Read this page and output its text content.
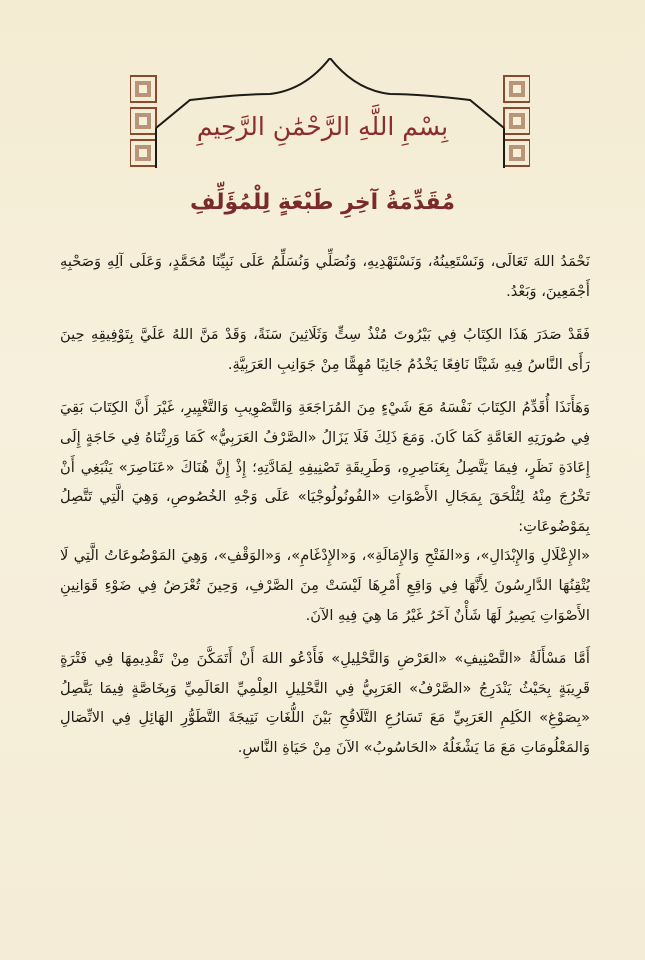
بِسْمِ اللَّهِ الرَّحْمَٰنِ الرَّحِيمِ
مُقَدِّمَةُ آخِرِ طَبْعَةٍ لِلْمُؤَلِّفِ

نَحْمَدُ اللهَ تَعَالَى، وَنَسْتَعِينُهُ، وَنَسْتَهْدِيهِ، وَنُصَلِّي وَنُسَلِّمُ عَلَى نَبِيِّنَا مُحَمَّدٍ، وَعَلَى آلِهِ وَصَحْبِهِ أَجْمَعِينَ، وَبَعْدُ.

فَقَدْ صَدَرَ هَذَا الكِتَابُ فِي بَيْرُوتَ مُنْذُ سِتٍّ وَثَلَاثِينَ سَنَةً، وَقَدْ مَنَّ اللهُ عَلَيَّ بِتَوْفِيقِهِ حِينَ رَأَى النَّاسُ فِيهِ شَيْئًا نَافِعًا يَخْدُمُ جَانِبًا مُهِمًّا مِنْ جَوَانِبِ العَرَبِيَّةِ.

وَهَأَنَذَا أُقَدِّمُ الكِتَابَ نَفْسَهُ مَعَ شَيْءٍ مِنَ المُرَاجَعَةِ وَالتَّصْوِيبِ وَالتَّغْيِيرِ، غَيْرَ أَنَّ الكِتَابَ بَقِيَ فِي صُورَتِهِ العَامَّةِ كَمَا كَانَ. وَمَعَ ذَلِكَ فَلَا يَزَالُ «الصَّرْفُ العَرَبِيُّ» كَمَا وَرِثْنَاهُ فِي حَاجَةٍ إِلَى إِعَادَةِ نَظَرٍ، فِيمَا يَتَّصِلُ بِعَنَاصِرِهِ، وَطَرِيقَةِ تَصْنِيفِهِ لِمَادَّتِهِ؛ إِذْ إِنَّ هُنَاكَ «عَنَاصِرَ» يَنْبَغِي أَنْ تَخْرُجَ مِنْهُ لِتُلْحَقَ بِمَجَالِ الأَصْوَاتِ «الفُونُولُوجْيَا» عَلَى وَجْهِ الخُصُوصِ، وَهِيَ الَّتِي تَتَّصِلُ بِمَوْضُوعَاتِ:

«الإِعْلَالِ وَالإِبْدَالِ»، وَ«الفَتْحِ وَالإِمَالَةِ»، وَ«الإِدْغَامِ»، وَ«الوَقْفِ»، وَهِيَ المَوْضُوعَاتُ الَّتِي لَا يُتْقِنُهَا الدَّارِسُونَ لِأَنَّهَا فِي وَاقِعِ أَمْرِهَا لَيْسَتْ مِنَ الصَّرْفِ، وَحِينَ تُعْرَضُ فِي ضَوْءِ قَوَانِينِ الأَصْوَاتِ يَصِيرُ لَهَا شَأْنٌ آخَرُ غَيْرُ مَا هِيَ فِيهِ الآنَ.

أَمَّا مَسْأَلَةُ «التَّصْنِيفِ» «العَرْضِ وَالتَّحْلِيلِ» فَأَدْعُو اللهَ أَنْ أَتَمَكَّنَ مِنْ تَقْدِيمِهَا فِي فَتْرَةٍ قَرِيبَةٍ بِحَيْثُ يَنْدَرِجُ «الصَّرْفُ» العَرَبِيُّ فِي التَّحْلِيلِ العِلْمِيِّ العَالَمِيِّ وَبِخَاصَّةٍ فِيمَا يَتَّصِلُ «بِصَوْغِ» الكَلِمِ العَرَبِيِّ مَعَ تَسَارُعِ التَّلَاقُحِ بَيْنَ اللُّغَاتِ نَتِيجَةَ التَّطَوُّرِ الهَائِلِ فِي الاتِّصَالِ وَالمَعْلُومَاتِ مَعَ مَا يَشْغَلُهُ «الحَاسُوبُ» الآنَ مِنْ حَيَاةِ النَّاسِ.
